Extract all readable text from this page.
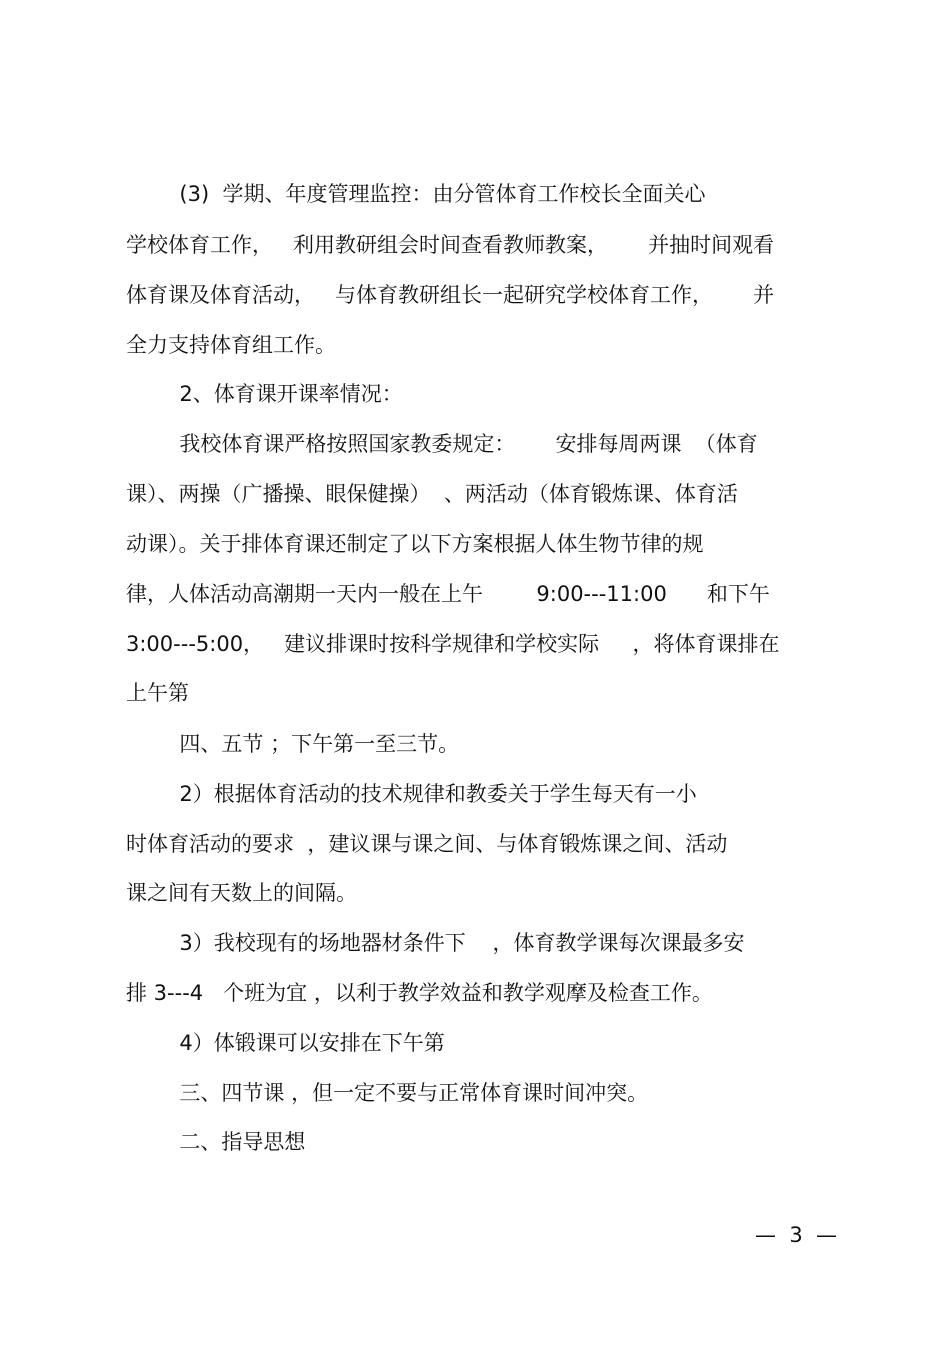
(3)  学期、年度管理监控：由分管体育工作校长全面关心
学校体育工作，   利用教研组会时间查看教师教案，      并抽时间观看
体育课及体育活动，   与体育教研组长一起研究学校体育工作，      并
全力支持体育组工作。
2、体育课开课率情况：
我校体育课严格按照国家教委规定：      安排每周两课  （体育
课）、两操（广播操、眼保健操）  、两活动（体育锻炼课、体育活
动课）。关于排体育课还制定了以下方案根据人体生物节律的规
律，人体活动高潮期一天内一般在上午        9:00---11:00      和下午
3:00---5:00，   建议排课时按科学规律和学校实际     ，将体育课排在
上午第
四、五节 ；下午第一至三节。
2）根据体育活动的技术规律和教委关于学生每天有一小
时体育活动的要求  ，建议课与课之间、与体育锻炼课之间、活动
课之间有天数上的间隔。
3）我校现有的场地器材条件下    ，体育教学课每次课最多安
排 3---4   个班为宜 ，以利于教学效益和教学观摩及检查工作。
4）体锻课可以安排在下午第
三、四节课 ，但一定不要与正常体育课时间冲突。
二、指导思想
—  3  —
